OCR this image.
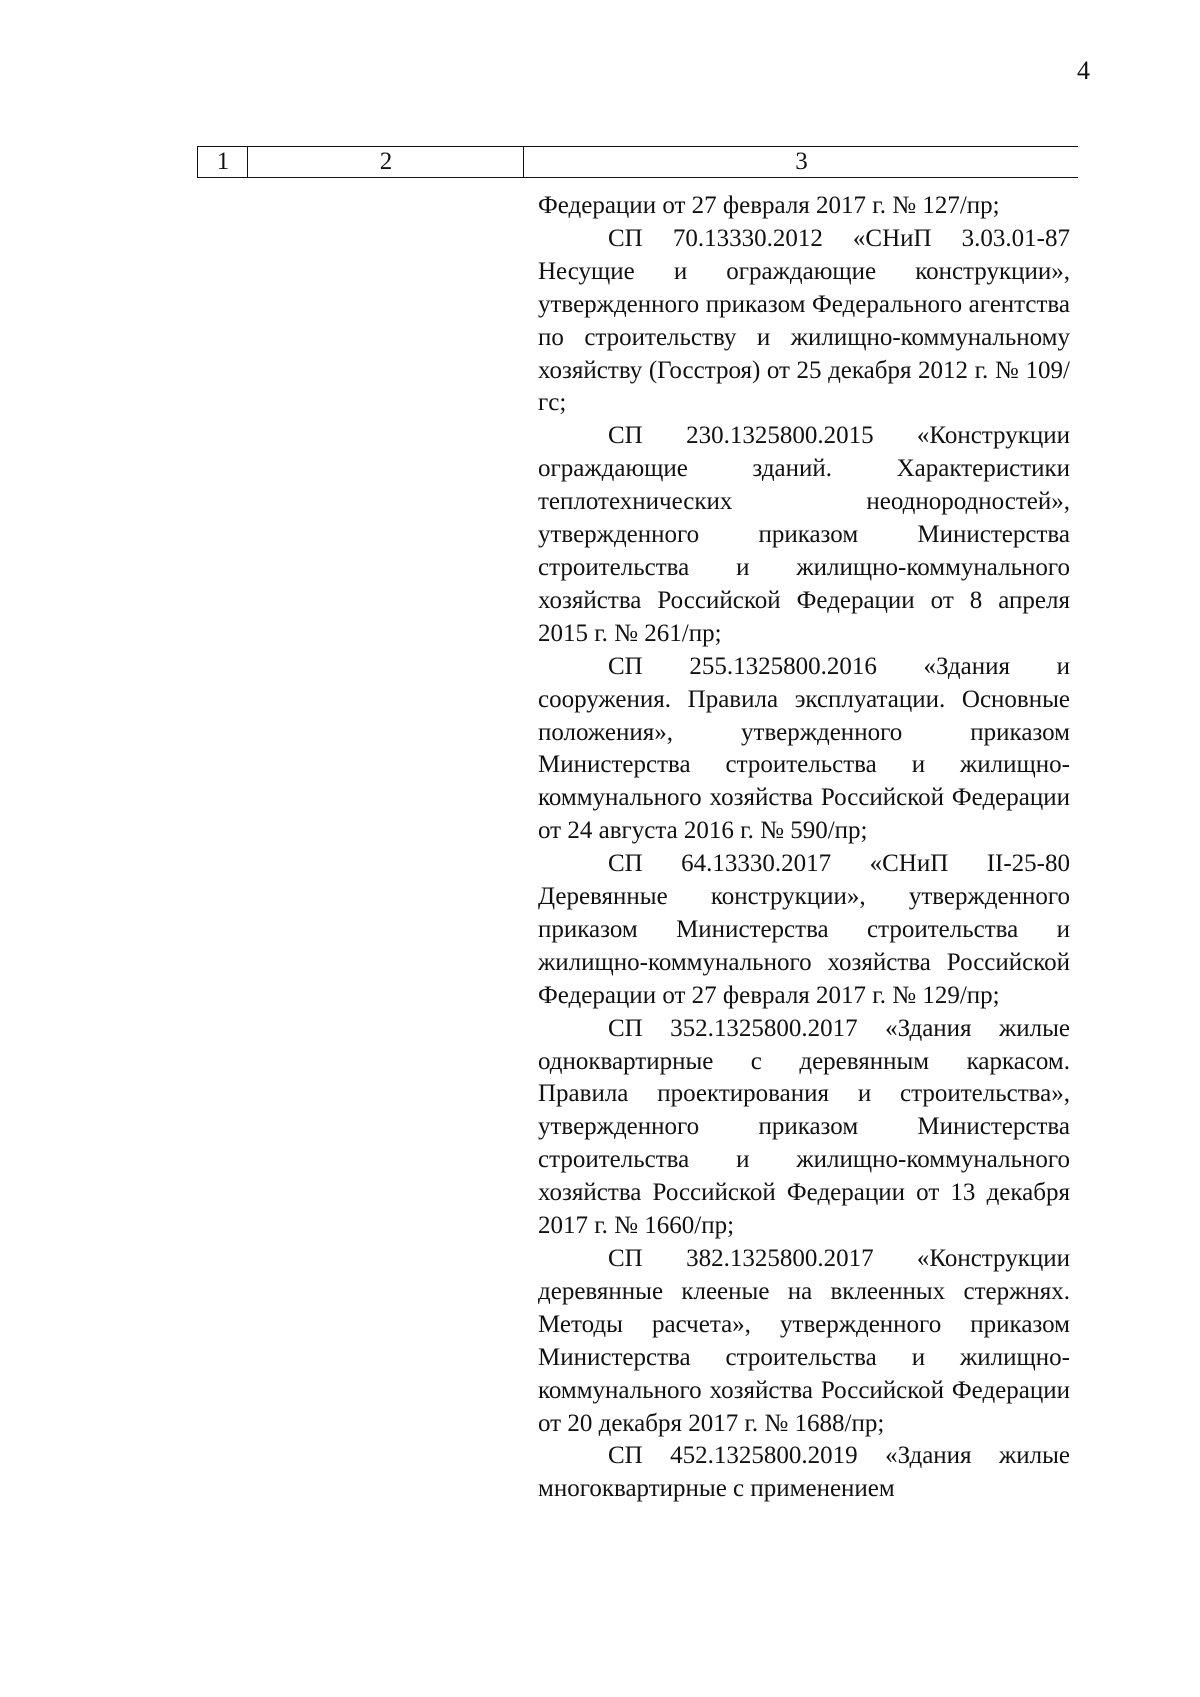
4
1	2	3

Федерации от 27 февраля 2017 г. № 127/пр;

СП 70.13330.2012 «СНиП 3.03.01-87 Несущие и ограждающие конструкции», утвержденного приказом Федерального агентства по строительству и жилищно-коммунальному хозяйству (Госстроя) от 25 декабря 2012 г. № 109/гс;

СП 230.1325800.2015 «Конструкции ограждающие зданий. Характеристики теплотехнических неоднородностей», утвержденного приказом Министерства строительства и жилищно-коммунального хозяйства Российской Федерации от 8 апреля 2015 г. № 261/пр;

СП 255.1325800.2016 «Здания и сооружения. Правила эксплуатации. Основные положения», утвержденного приказом Министерства строительства и жилищно-коммунального хозяйства Российской Федерации от 24 августа 2016 г. № 590/пр;

СП 64.13330.2017 «СНиП II-25-80 Деревянные конструкции», утвержденного приказом Министерства строительства и жилищно-коммунального хозяйства Российской Федерации от 27 февраля 2017 г. № 129/пр;

СП 352.1325800.2017 «Здания жилые одноквартирные с деревянным каркасом. Правила проектирования и строительства», утвержденного приказом Министерства строительства и жилищно-коммунального хозяйства Российской Федерации от 13 декабря 2017 г. № 1660/пр;

СП 382.1325800.2017 «Конструкции деревянные клееные на вклеенных стержнях. Методы расчета», утвержденного приказом Министерства строительства и жилищно-коммунального хозяйства Российской Федерации от 20 декабря 2017 г. № 1688/пр;

СП 452.1325800.2019 «Здания жилые многоквартирные с применением
